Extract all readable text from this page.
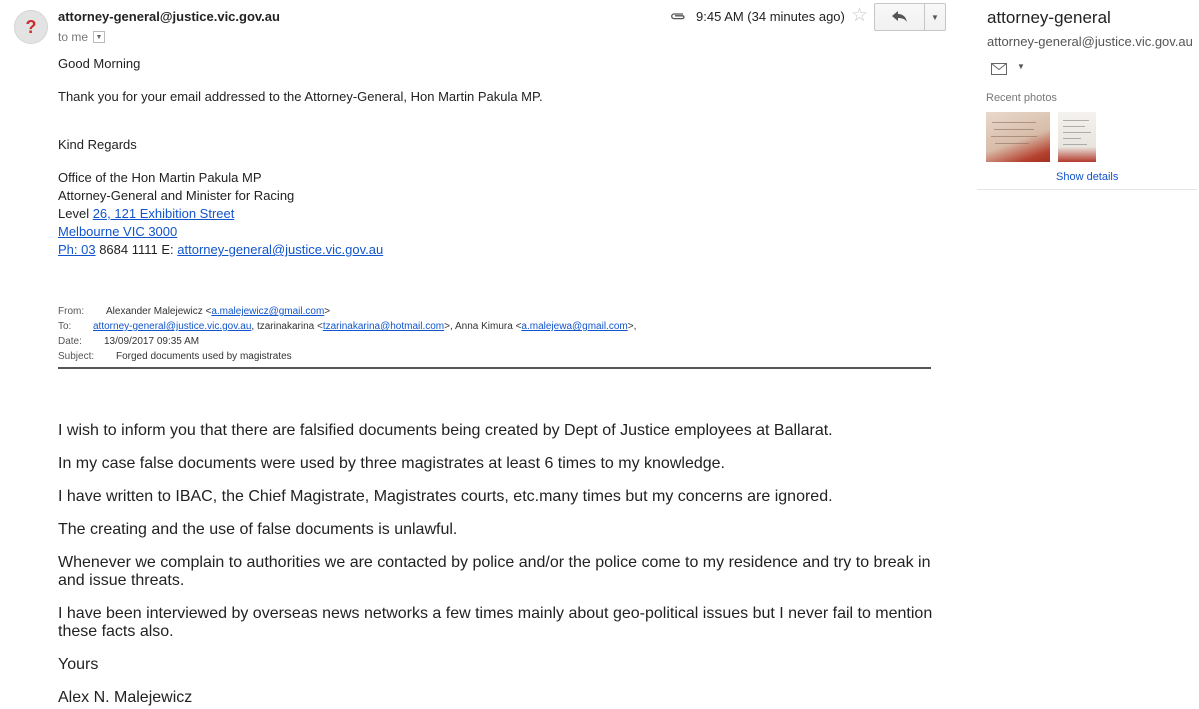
? attorney-general@justice.vic.gov.au
to me ▼
9:45 AM (34 minutes ago) ☆	▼
Good Morning
Thank you for your email addressed to the Attorney-General, Hon Martin Pakula MP.
Kind Regards
Office of the Hon Martin Pakula MP
Attorney-General and Minister for Racing
Level 26, 121 Exhibition Street
Melbourne VIC 3000
Ph: 03 8684 1111 E: attorney-general@justice.vic.gov.au
From: Alexander Malejewicz <a.malejewicz@gmail.com>
To: attorney-general@justice.vic.gov.au, tzarinakarina <tzarinakarina@hotmail.com>, Anna Kimura <a.malejewa@gmail.com>,
Date: 13/09/2017 09:35 AM
Subject: Forged documents used by magistrates
I wish to inform you that there are falsified documents being created by Dept of Justice employees at Ballarat.
In my case false documents were used by three magistrates at least 6 times to my knowledge.
I have written to IBAC, the Chief Magistrate, Magistrates courts, etc.many times but my concerns are ignored.
The creating and the use of false documents is unlawful.
Whenever we complain to authorities we are contacted by police and/or the police come to my residence and try to break in and issue threats.
I have been interviewed by overseas news networks a few times mainly about geo-political issues but I never fail to mention these facts also.
Yours
Alex N. Malejewicz
attorney-general
attorney-general@justice.vic.gov.au
▼
Recent photos
Show details
